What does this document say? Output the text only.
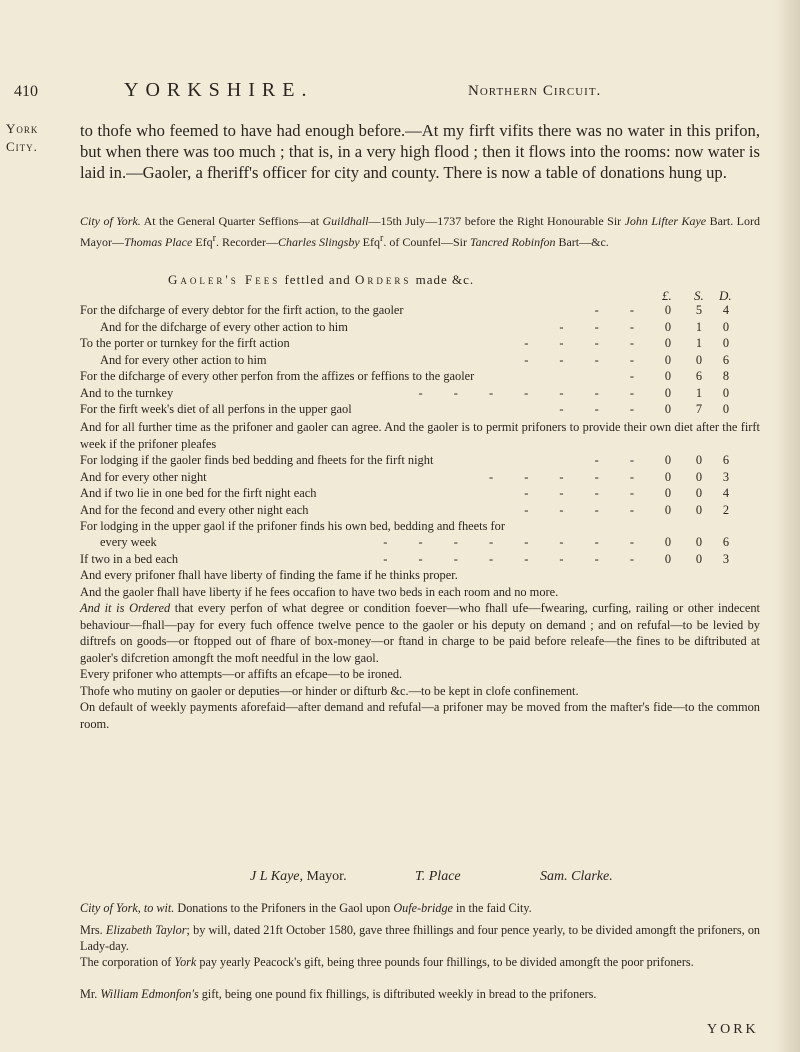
410	YORKSHIRE.	Northern Circuit.
York
City.
to thofe who feemed to have had enough before.—At my firft vifits there was no water in this prifon, but when there was too much ; that is, in a very high flood ; then it flows into the rooms: now water is laid in.—Gaoler, a fheriff's officer for city and county. There is now a table of donations hung up.
City of York. At the General Quarter Seffions—at Guildhall—15th July—1737 before the Right Honourable Sir John Lifter Kaye Bart. Lord Mayor—Thomas Place Efq$^r$. Recorder—Charles Slingsby Efq$^r$. of Counfel—Sir Tancred Robinfon Bart—&c.
Gaoler's Fees fettled and Orders made &c.
£. S. D.
For the difcharge of every debtor for the firft action, to the gaoler	- -	0	5	4
And for the difcharge of every other action to him	- - -	0	1	0
To the porter or turnkey for the firft action	- - - -	0	1	0
And for every other action to him	- - - -	0	0	6
For the difcharge of every other perfon from the affizes or feffions to the gaoler	-	0	6	8
And to the turnkey	- - - - - - -	0	1	0
For the firft week's diet of all perfons in the upper gaol	- - -	0	7	0
And for all further time as the prifoner and gaoler can agree. And the gaoler is to permit prifoners to provide their own diet after the firft week if the prifoner pleafes
For lodging if the gaoler finds bed bedding and fheets for the firft night	- -	0	0	6
And for every other night	- - - - -	0	0	3
And if two lie in one bed for the firft night each	- - - -	0	0	4
And for the fecond and every other night each	- - - -	0	0	2
For lodging in the upper gaol if the prifoner finds his own bed, bedding and fheets for
every week	- - - - - - - -	0	0	6
If two in a bed each	- - - - - - - -	0	0	3
And every prifoner fhall have liberty of finding the fame if he thinks proper.
And the gaoler fhall have liberty if he fees occafion to have two beds in each room and no more.
And it is Ordered that every perfon of what degree or condition foever—who fhall ufe—fwearing, curfing, railing or other indecent behaviour—fhall—pay for every fuch offence twelve pence to the gaoler or his deputy on demand ; and on refufal—to be levied by diftrefs on goods—or ftopped out of fhare of box-money—or ftand in charge to be paid before releafe—the fines to be diftributed at gaoler's difcretion amongft the moft needful in the low gaol.
Every prifoner who attempts—or affifts an efcape—to be ironed.
Thofe who mutiny on gaoler or deputies—or hinder or difturb &c.—to be kept in clofe confinement.
On default of weekly payments aforefaid—after demand and refufal—a prifoner may be moved from the mafter's fide—to the common room.
J L Kaye, Mayor.	T. Place	Sam. Clarke.
City of York, to wit. Donations to the Prifoners in the Gaol upon Oufe-bridge in the faid City.
Mrs. Elizabeth Taylor; by will, dated 21ft October 1580, gave three fhillings and four pence yearly, to be divided amongft the prifoners, on Lady-day.
The corporation of York pay yearly Peacock's gift, being three pounds four fhillings, to be divided amongft the poor prifoners.
Mr. William Edmonfon's gift, being one pound fix fhillings, is diftributed weekly in bread to the prifoners.
YORK
